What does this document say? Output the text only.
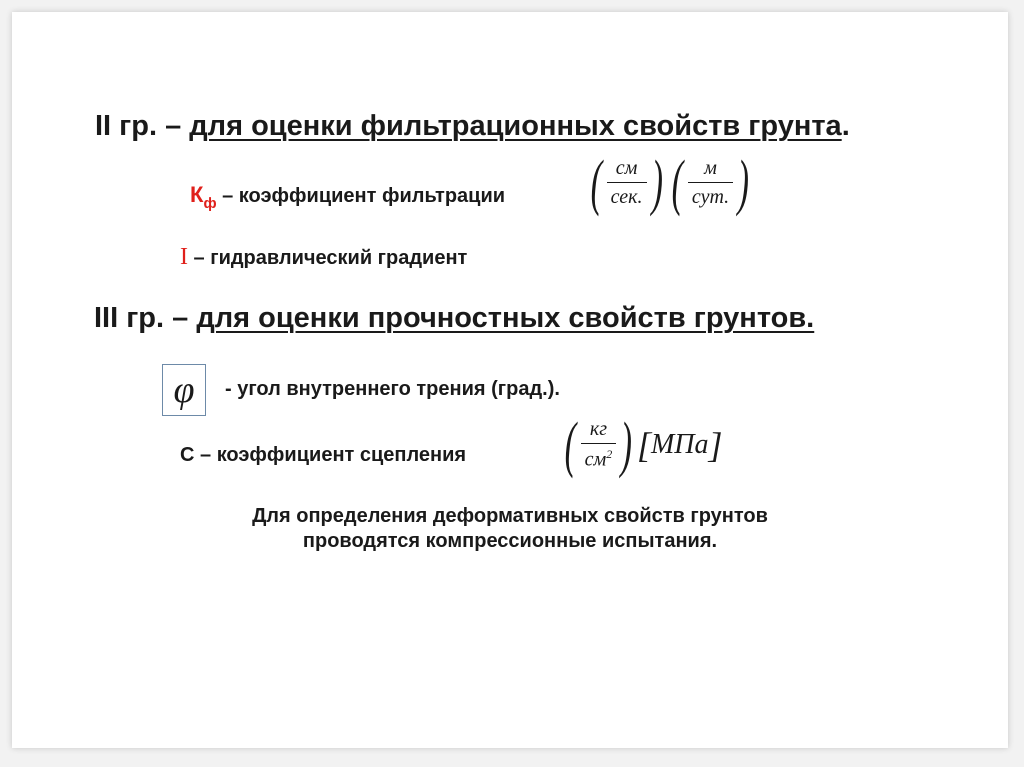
II гр. – для оценки фильтрационных свойств грунта.
$К_ф$ – коэффициент фильтрации ( $\frac{см}{\text{сек.}}$ ) ( $\frac{м}{\text{сут.}}$ )
I – гидравлический градиент
III гр. – для оценки прочностных свойств грунтов.
φ	- угол внутреннего трения (град.).
С – коэффициент сцепления ( $\frac{кг}{см^2}$ ) [ МПа ]
Для определения деформативных свойств грунтов
проводятся компрессионные испытания.
